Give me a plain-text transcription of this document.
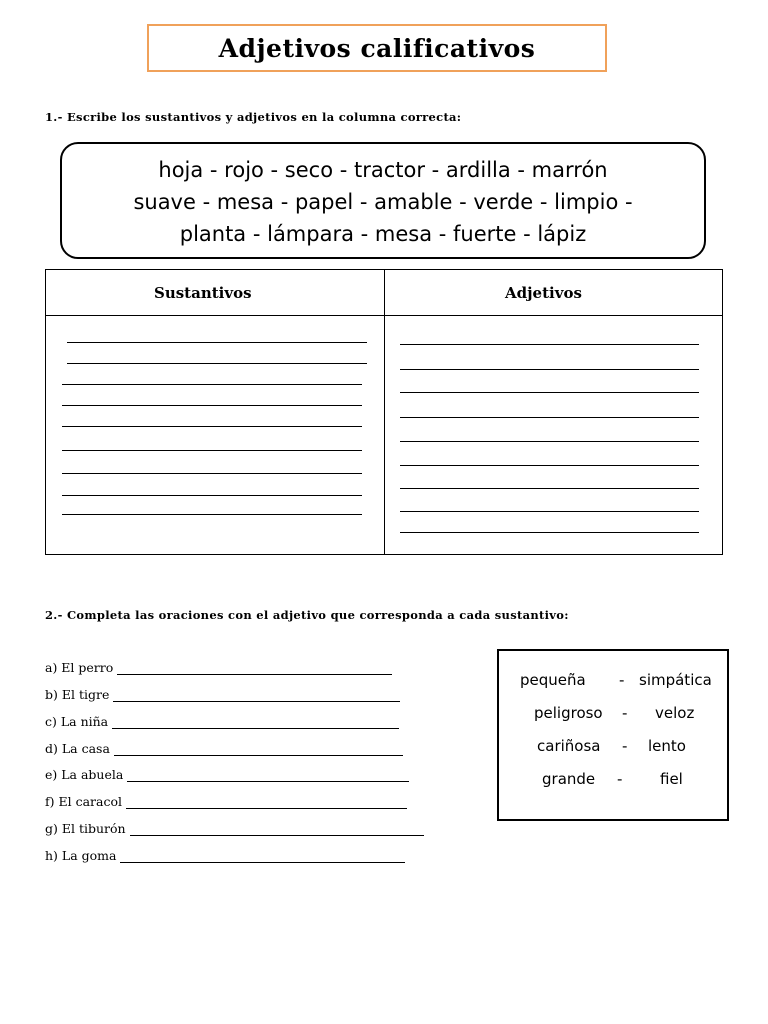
Adjetivos calificativos
1.- Escribe los sustantivos y adjetivos en la columna correcta:
hoja - rojo - seco - tractor - ardilla - marrón
suave - mesa - papel - amable - verde - limpio -
planta - lámpara - mesa - fuerte - lápiz
Sustantivos	Adjetivos
2.- Completa las oraciones con el adjetivo que corresponda a cada sustantivo:
a) El perro
b) El tigre
c) La niña
d) La casa
e) La abuela
f) El caracol
g) El tiburón
h) La goma
pequeña - simpática
peligroso - veloz
cariñosa - lento
grande -	fiel
